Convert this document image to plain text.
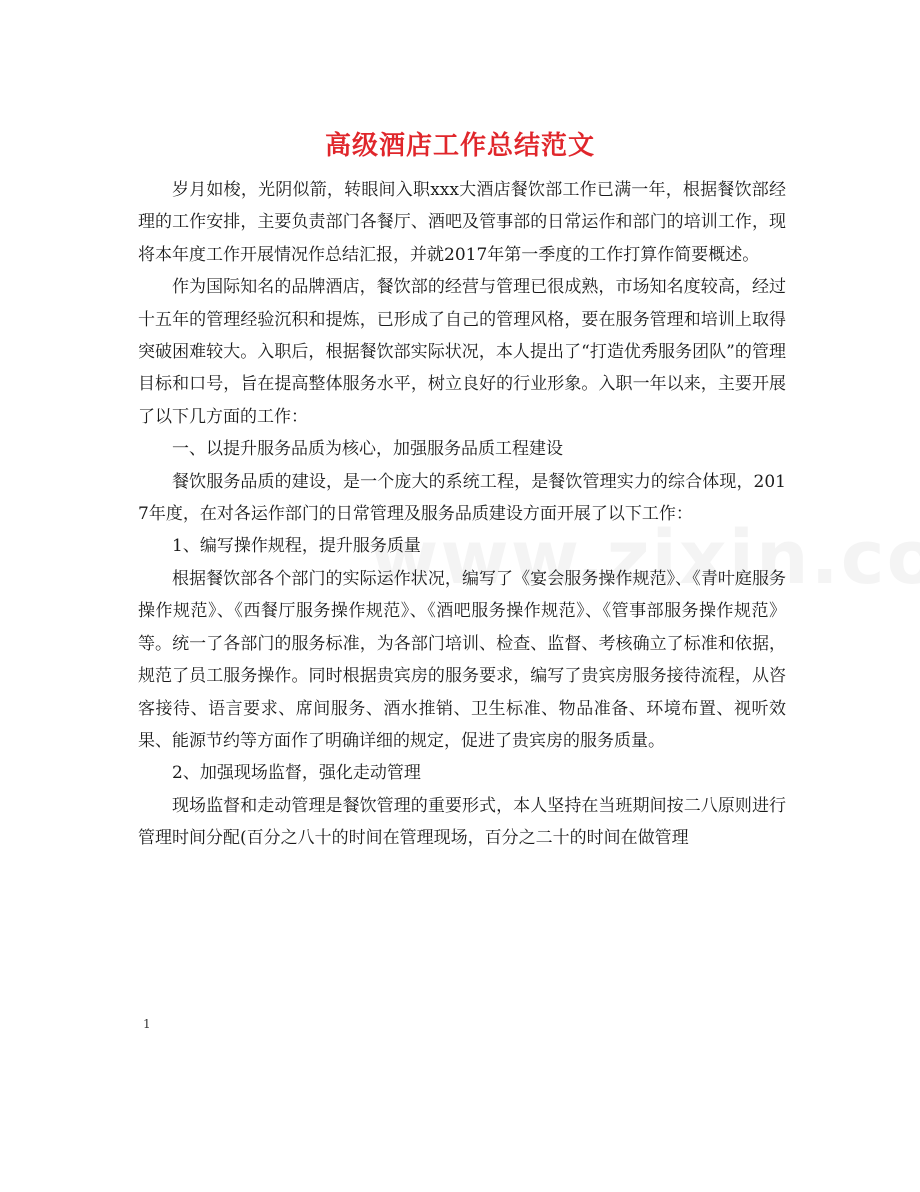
高级酒店工作总结范文

岁月如梭，光阴似箭，转眼间入职xxx大酒店餐饮部工作已满一年，根据餐饮部经理的工作安排，主要负责部门各餐厅、酒吧及管事部的日常运作和部门的培训工作，现将本年度工作开展情况作总结汇报，并就2017年第一季度的工作打算作简要概述。

作为国际知名的品牌酒店，餐饮部的经营与管理已很成熟，市场知名度较高，经过十五年的管理经验沉积和提炼，已形成了自己的管理风格，要在服务管理和培训上取得突破困难较大。入职后，根据餐饮部实际状况，本人提出了“打造优秀服务团队”的管理目标和口号，旨在提高整体服务水平，树立良好的行业形象。入职一年以来，主要开展了以下几方面的工作：

一、以提升服务品质为核心，加强服务品质工程建设

餐饮服务品质的建设，是一个庞大的系统工程，是餐饮管理实力的综合体现，2017年度，在对各运作部门的日常管理及服务品质建设方面开展了以下工作：

1、编写操作规程，提升服务质量

根据餐饮部各个部门的实际运作状况，编写了《宴会服务操作规范》、《青叶庭服务操作规范》、《西餐厅服务操作规范》、《酒吧服务操作规范》、《管事部服务操作规范》等。统一了各部门的服务标准，为各部门培训、检查、监督、考核确立了标准和依据，规范了员工服务操作。同时根据贵宾房的服务要求，编写了贵宾房服务接待流程，从咨客接待、语言要求、席间服务、酒水推销、卫生标准、物品准备、环境布置、视听效果、能源节约等方面作了明确详细的规定，促进了贵宾房的服务质量。

2、加强现场监督，强化走动管理

现场监督和走动管理是餐饮管理的重要形式，本人坚持在当班期间按二八原则进行管理时间分配(百分之八十的时间在管理现场，百分之二十的时间在做管理

1
